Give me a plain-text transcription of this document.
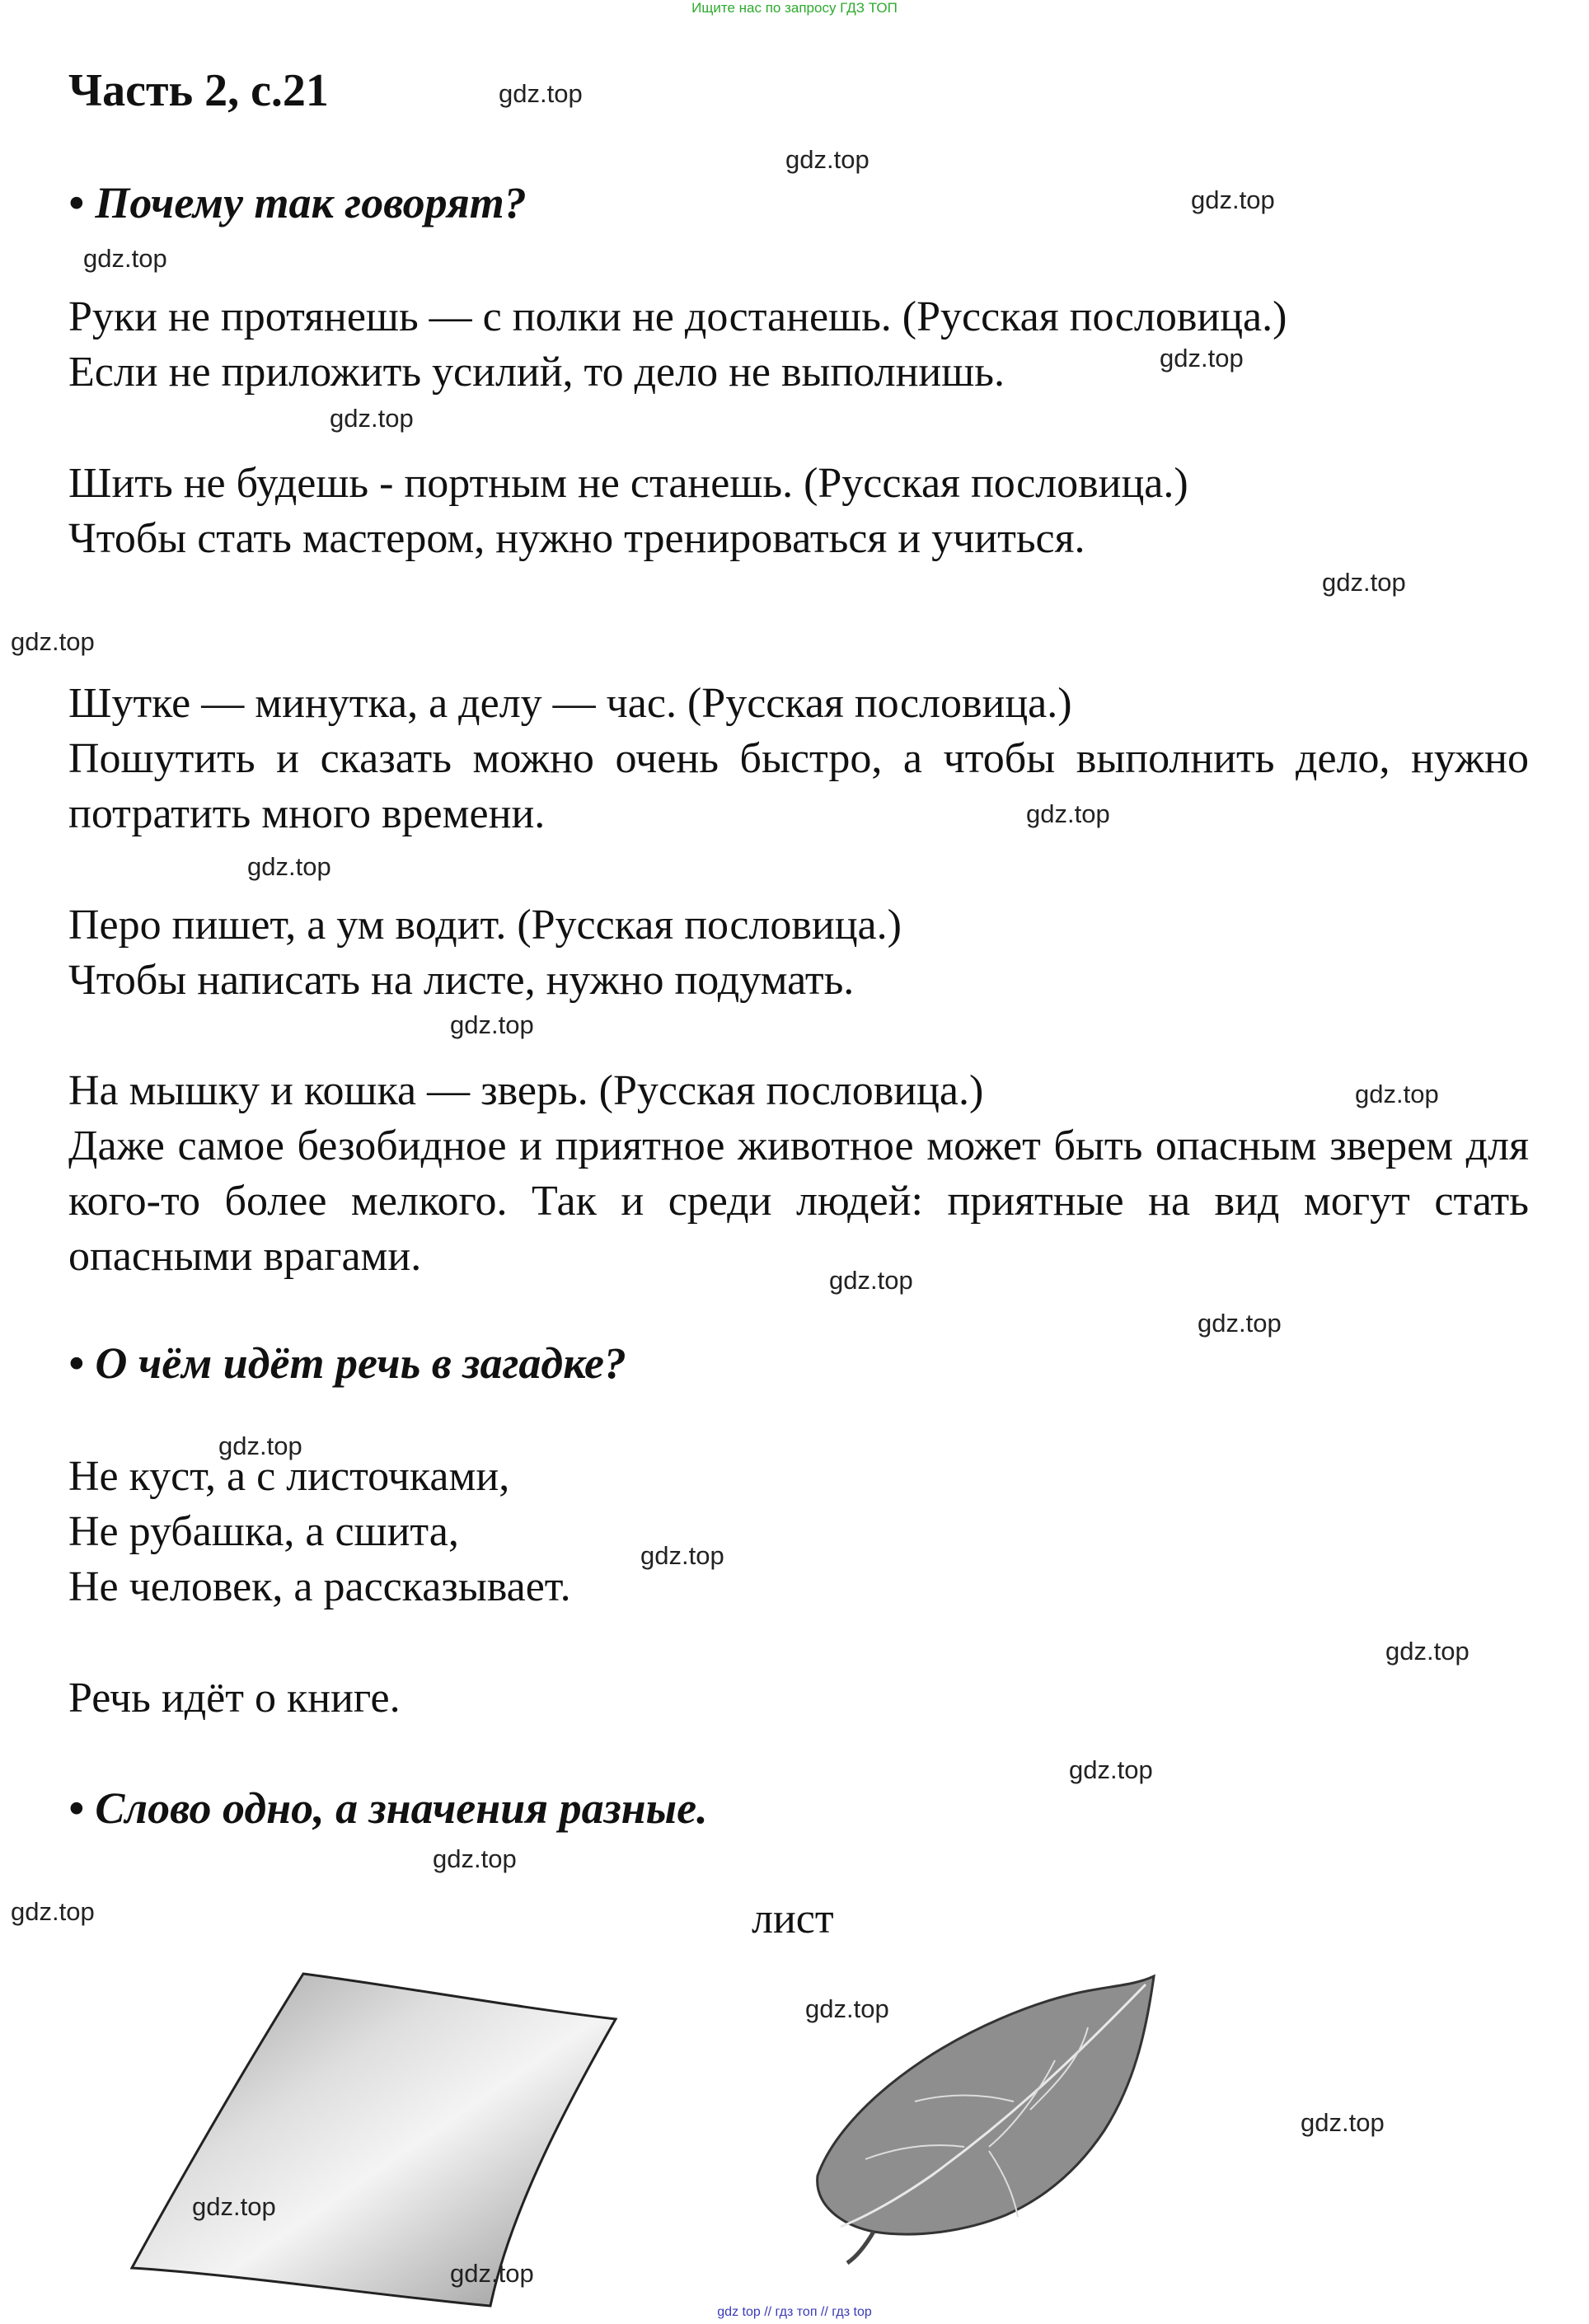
Ищите нас по запросу ГДЗ ТОП
Часть 2, с.21
• Почему так говорят?
Руки не протянешь — с полки не достанешь. (Русская пословица.)
Если не приложить усилий, то дело не выполнишь.
Шить не будешь - портным не станешь. (Русская пословица.)
Чтобы стать мастером, нужно тренироваться и учиться.
Шутке — минутка, а делу — час. (Русская пословица.)
Пошутить и сказать можно очень быстро, а чтобы выполнить дело, нужно потратить много времени.
Перо пишет, а ум водит. (Русская пословица.)
Чтобы написать на листе, нужно подумать.
На мышку и кошка — зверь. (Русская пословица.)
Даже самое безобидное и приятное животное может быть опасным зверем для кого-то более мелкого. Так и среди людей: приятные на вид могут стать опасными врагами.
• О чём идёт речь в загадке?
Не куст, а с листочками,
Не рубашка, а сшита,
Не человек, а рассказывает.
Речь идёт о книге.
• Слово одно, а значения разные.
лист
gdz.top
gdz.top
gdz.top
gdz.top
gdz.top
gdz.top
gdz.top
gdz.top
gdz.top
gdz.top
gdz.top
gdz.top
gdz.top
gdz.top
gdz.top
gdz.top
gdz.top
gdz.top
gdz.top
gdz.top
gdz.top
gdz.top
gdz.top
gdz.top
gdz top // гдз топ // гдз top
